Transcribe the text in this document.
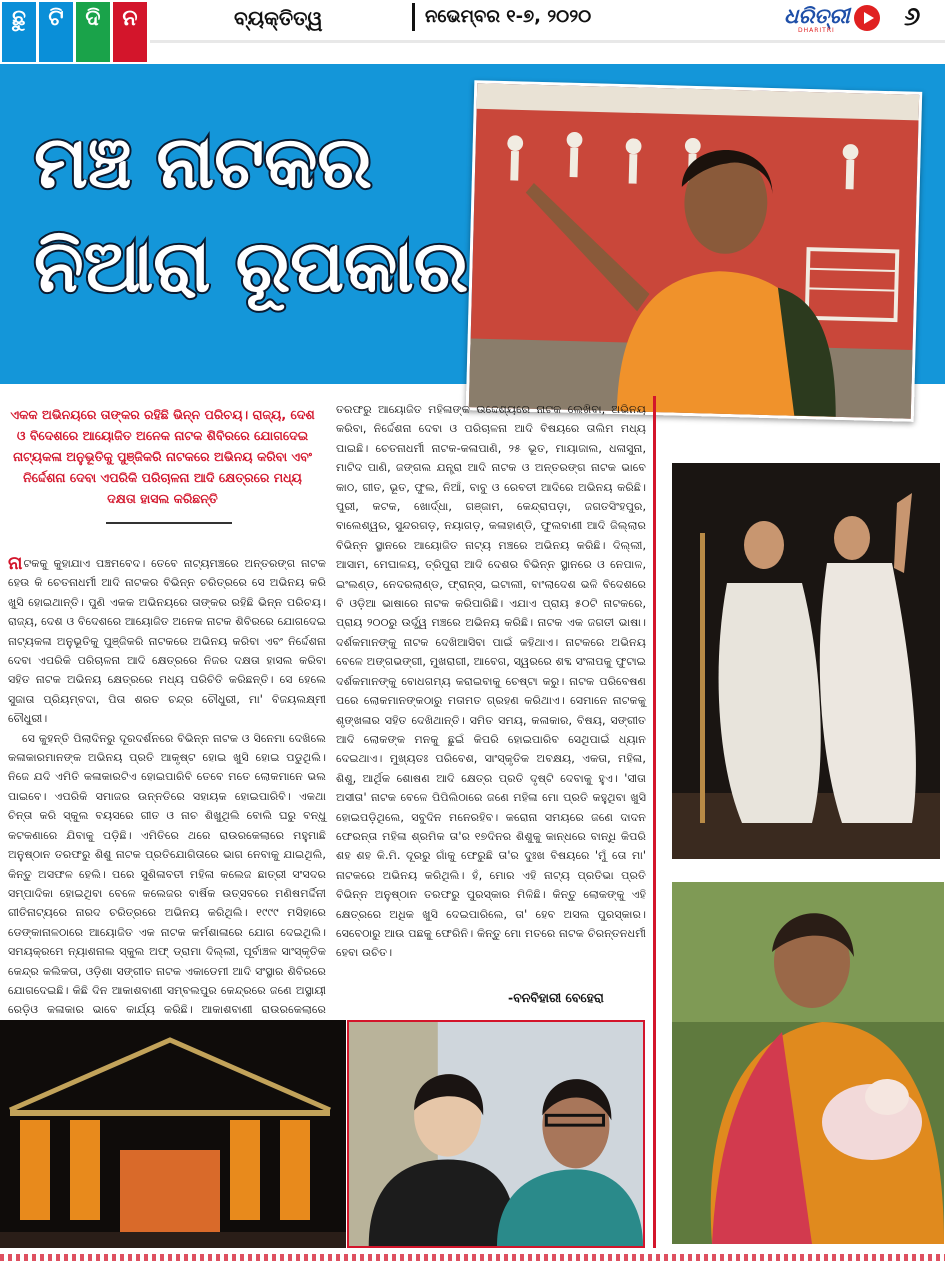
ଛୁ	ଟି ଦି ନ	ବ୍ୟକ୍ତିତ୍ୱ	ନଭେମ୍ବର ୧-୭, ୨୦୨୦	ଧରିତ୍ରୀ
DHARITRI	୬
ମଞ୍ଚ ନାଟକର
ନିଆରା ରୂପକାର

ଏକକ ଅଭିନୟରେ ତାଙ୍କର ରହିଛି ଭିନ୍ନ ପରିଚୟ। ରାଜ୍ୟ, ଦେଶ ଓ ବିଦେଶରେ ଆୟୋଜିତ ଅନେକ ନାଟକ ଶିବିରରେ ଯୋଗଦେଇ ନାଟ୍ୟକଳା ଅନୁଭୂତିକୁ ପୁଞ୍ଜିକରି ନାଟକରେ ଅଭିନୟ କରିବା ଏବଂ ନିର୍ଦ୍ଦେଶନା ଦେବା ଏପରିକି ପରିଚାଳନା ଆଦି କ୍ଷେତ୍ରରେ ମଧ୍ୟ ଦକ୍ଷତା ହାସଲ କରିଛନ୍ତି

ନାଟକକୁ କୁହାଯାଏ ପଞ୍ଚମବେଦ। ତେବେ ନାଟ୍ୟମଞ୍ଚରେ ଅନ୍ତରଙ୍ଗ ନାଟକ ହେଉ କି ଚେତନାଧର୍ମୀ ଆଦି ନାଟକର ବିଭିନ୍ନ ଚରିତ୍ରରେ ସେ ଅଭିନୟ କରି ଖୁସି ହୋଇଥାନ୍ତି। ପୁଣି ଏକକ ଅଭିନୟରେ ତାଙ୍କର ରହିଛି ଭିନ୍ନ ପରିଚୟ। ରାଜ୍ୟ, ଦେଶ ଓ ବିଦେଶରେ ଆୟୋଜିତ ଅନେକ ନାଟକ ଶିବିରରେ ଯୋଗଦେଇ ନାଟ୍ୟକଳା ଅନୁଭୂତିକୁ ପୁଞ୍ଜିକରି ନାଟକରେ ଅଭିନୟ କରିବା ଏବଂ ନିର୍ଦ୍ଦେଶନା ଦେବା ଏପରିକି ପରିଚାଳନା ଆଦି କ୍ଷେତ୍ରରେ ନିଜର ଦକ୍ଷତା ହାସଲ କରିବା ସହିତ ନାଟକ ଅଭିନୟ କ୍ଷେତ୍ରରେ ମଧ୍ୟ ପରିଚିତି କରିଛନ୍ତି। ସେ ହେଲେ ସୁଜାତା ପ୍ରିୟମ୍ବଦା, ପିତା ଶରତ ଚନ୍ଦ୍ର ଚୌଧୁରୀ, ମା' ବିଜୟଲକ୍ଷ୍ମୀ ଚୌଧୁରୀ।

ସେ କୁହନ୍ତି ପିଲାଦିନରୁ ଦୂରଦର୍ଶନରେ ବିଭିନ୍ନ ନାଟକ ଓ ସିନେମା ଦେଖିଲେ କଳାକାରମାନଙ୍କ ଅଭିନୟ ପ୍ରତି ଆକୃଷ୍ଟ ହୋଇ ଖୁସି ହୋଇ ପଡୁଥିଲି। ନିଜେ ଯଦି ଏମିତି କଳାକାରଟିଏ ହୋଇପାରିବି ତେବେ ମତେ ଲୋକମାନେ ଭଲ ପାଇବେ। ଏପରିକି ସମାଜର ଉନ୍ନତିରେ ସହାୟକ ହୋଇପାରିବି। ଏକଥା ଚିନ୍ତା କରି ସ୍କୁଲ ବୟସରେ ଗୀତ ଓ ନାଚ ଶିଖୁଥିଲି ବୋଲି ଘରୁ ବନ୍ଧୁ କଟକଣାରେ ଯିବାକୁ ପଡ଼ିଛି। ଏମିତିରେ ଥରେ ରାଉରକେଲାରେ ମହୁମାଛି ଅନୁଷ୍ଠାନ ତରଫରୁ ଶିଶୁ ନାଟକ ପ୍ରତିଯୋଗିତାରେ ଭାଗ ନେବାକୁ ଯାଇଥିଲି, କିନ୍ତୁ ଅସଫଳ ହେଲି। ପରେ ସୁଶିଳାବତୀ ମହିଳା କଲେଜ ଛାତ୍ରୀ ସଂସଦର ସମ୍ପାଦିକା ହୋଇଥିବା ବେଳେ କଲେଜର ବାର୍ଷିକ ଉତ୍ସବରେ ମଣିଷମର୍ଦ୍ଦିନୀ ଗୀତିନାଟ୍ୟରେ ନାରଦ ଚରିତ୍ରରେ ଅଭିନୟ କରିଥିଲି। ୧୯୯୯ ମସିହାରେ ଡେଙ୍କାନାଳଠାରେ ଆୟୋଜିତ ଏକ ନାଟକ କର୍ମଶାଳାରେ ଯୋଗ ଦେଇଥିଲି। ସମୟକ୍ରମେ ନ୍ୟାଶନାଲ ସ୍କୁଲ ଅଫ୍ ଡ୍ରାମା ଦିଲ୍ଲୀ, ପୂର୍ବାଞ୍ଚଳ ସାଂସ୍କୃତିକ କେନ୍ଦ୍ର କଲିକତା, ଓଡ଼ିଶା ସଙ୍ଗୀତ ନାଟକ ଏକାଡେମୀ ଆଦି ସଂସ୍ଥାର ଶିବିରରେ ଯୋଗଦେଇଛି। କିଛି ଦିନ ଆକାଶବାଣୀ ସମ୍ବଲପୁର କେନ୍ଦ୍ରରେ ଜଣେ ଅସ୍ଥାୟୀ ରେଡ଼ିଓ କଳାକାର ଭାବେ କାର୍ଯ୍ୟ କରିଛି। ଆକାଶବାଣୀ ରାଉରକେଲାରେ

ତରଫରୁ ଆୟୋଜିତ ମହିଳାଙ୍କ ଉଦ୍ଦେଶ୍ୟରେ ନାଟକ ଲେଖିବା, ଅଭିନୟ କରିବା, ନିର୍ଦ୍ଦେଶନା ଦେବା ଓ ପରିଚାଳନା ଆଦି ବିଷୟରେ ତାଲିମ ମଧ୍ୟ ପାଇଛି। ଚେତନାଧର୍ମୀ ନାଟକ-କଳାପାଣି, ୨୫ ଭୂତ, ମାୟାଜାଲ, ଧଳାସୁନା, ମାଟିଦ ପାଣି, ଜଙ୍ଗଲ ଯନ୍ତ୍ରା ଆଦି ନାଟକ ଓ ଅନ୍ତରଙ୍ଗ ନାଟକ ଭାବେ କାଠ, ଗୀତ, ଭୂତ, ଫୁଲ, ନିଆଁ, ବାବୁ ଓ ରେବତୀ ଆଦିରେ ଅଭିନୟ କରିଛି। ପୁରୀ, କଟକ, ଖୋର୍ଦ୍ଧା, ଗଞ୍ଜାମ, କେନ୍ଦ୍ରାପଡ଼ା, ଜଗତସିଂହପୁର, ବାଲେଶ୍ୱର, ସୁନ୍ଦରଗଡ଼, ନୟାଗଡ଼, କଳାହାଣ୍ଡି, ଫୁଲବାଣୀ ଆଦି ଜିଲ୍ଲାର ବିଭିନ୍ନ ସ୍ଥାନରେ ଆୟୋଜିତ ନାଟ୍ୟ ମଞ୍ଚରେ ଅଭିନୟ କରିଛି। ଦିଲ୍ଲୀ, ଆସାମ, ମେଘାଳୟ, ତ୍ରିପୁରା ଆଦି ଦେଶର ବିଭିନ୍ନ ସ୍ଥାନରେ ଓ ନେପାଳ, ଇଂଲଣ୍ଡ, ନେଦରଲାଣ୍ଡ, ଫ୍ରାନ୍ସ, ଇଟାଲୀ, ବାଂଲାଦେଶ ଭଳି ବିଦେଶରେ ବି ଓଡ଼ିଆ ଭାଷାରେ ନାଟକ କରିପାରିଛି। ଏଯାଏ ପ୍ରାୟ ୫୦ଟି ନାଟକରେ, ପ୍ରାୟ ୨୦୦ରୁ ଉର୍ଦ୍ଧ୍ୱ ମଞ୍ଚରେ ଅଭିନୟ କରିଛି। ନାଟକ ଏକ ଜଗତୀ ଭାଷା। ଦର୍ଶକମାନଙ୍କୁ ନାଟକ ଦେଖିଆସିବା ପାଇଁ କହିଥାଏ। ନାଟକରେ ଅଭିନୟ ବେଳେ ଅଙ୍ଗଭଙ୍ଗୀ, ମୁଖରାଗୀ, ଆବେଗ, ସ୍ୱରରେ ଶବ୍ଦ ସଂଳାପକୁ ଫୁଟାଇ ଦର୍ଶକମାନଙ୍କୁ ବୋଧଗମ୍ୟ କରାଇବାକୁ ଚେଷ୍ଟା କରୁ। ନାଟକ ପରିବେଷଣ ପରେ ଲୋକମାନଙ୍କଠାରୁ ମତାମତ ଗ୍ରହଣ କରିଥାଏ। ସେମାନେ ନାଟକକୁ ଶୃଙ୍ଖଳାର ସହିତ ଦେଖିଥାନ୍ତି। ସମିତ ସମୟ, କଳାକାର, ବିଷୟ, ସଙ୍ଗୀତ ଆଦି ଲୋକଙ୍କ ମନକୁ ଛୁଇଁ କିପରି ହୋଇପାରିବ ସେଥିପାଇଁ ଧ୍ୟାନ ଦେଇଥାଏ। ମୁଖ୍ୟତଃ ପରିବେଶ, ସାଂସ୍କୃତିକ ଅବକ୍ଷୟ, ଏକତା, ମହିଳା, ଶିଶୁ, ଆର୍ଥିକ ଶୋଷଣ ଆଦି କ୍ଷେତ୍ର ପ୍ରତି ଦୃଷ୍ଟି ଦେବାକୁ ହୁଏ। 'ସୀତା ଅସୀତା' ନାଟକ ବେଳେ ପିପିଲିଠାରେ ଜଣେ ମହିଳା ମୋ ପ୍ରତି କହୁଥିବା ଖୁସି ହୋଇପଡ଼ିଥିଲେ, ସବୁଦିନ ମନେରହିବ। କରୋନା ସମୟରେ ଜଣେ ଦାଦନ ଫେରନ୍ତା ମହିଳା ଶ୍ରମିକ ତା'ର ୧୭ଦିନର ଶିଶୁକୁ କାନ୍ଧରେ ବାନ୍ଧି କିପରି ଶହ ଶହ କି.ମି. ଦୂରରୁ ଗାଁକୁ ଫେରୁଛି ତା'ର ଦୁଃଖ ବିଷୟରେ 'ମୁଁ ତୋ ମା' ନାଟକରେ ଅଭିନୟ କରିଥିଲି। ହଁ, ମୋର ଏହି ନାଟ୍ୟ ପ୍ରତିଭା ପ୍ରତି ବିଭିନ୍ନ ଅନୁଷ୍ଠାନ ତରଫରୁ ପୁରସ୍କାର ମିଳିଛି। କିନ୍ତୁ ଲୋକଙ୍କୁ ଏହି କ୍ଷେତ୍ରରେ ଅଧିକ ଖୁସି ଦେଇପାରିଲେ, ତା' ହେବ ଅସଲ ପୁରସ୍କାର। ସେବେଠାରୁ ଆଉ ପଛକୁ ଫେରିନି। କିନ୍ତୁ ମୋ ମତରେ ନାଟକ ଚିରନ୍ତନଧର୍ମୀ ହେବା ଉଚିତ।

-ବନବିହାରୀ ବେହେରା
